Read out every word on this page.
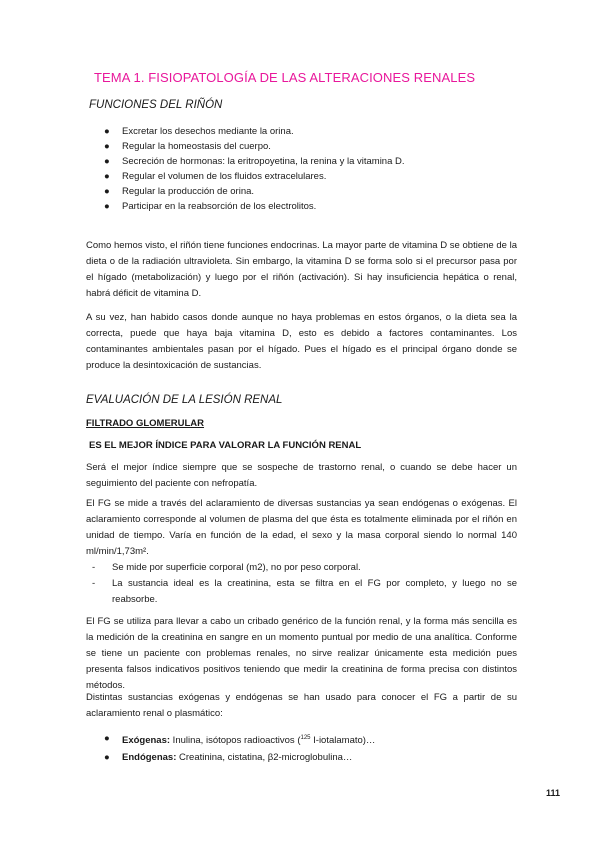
TEMA 1. FISIOPATOLOGÍA DE LAS ALTERACIONES RENALES
FUNCIONES DEL RIÑÓN
● Excretar los desechos mediante la orina.
● Regular la homeostasis del cuerpo.
● Secreción de hormonas: la eritropoyetina, la renina y la vitamina D.
● Regular el volumen de los fluidos extracelulares.
● Regular la producción de orina.
● Participar en la reabsorción de los electrolitos.

Como hemos visto, el riñón tiene funciones endocrinas. La mayor parte de vitamina D se obtiene de la dieta o de la radiación ultravioleta. Sin embargo, la vitamina D se forma solo si el precursor pasa por el hígado (metabolización) y luego por el riñón (activación). Si hay insuficiencia hepática o renal, habrá déficit de vitamina D.

A su vez, han habido casos donde aunque no haya problemas en estos órganos, o la dieta sea la correcta, puede que haya baja vitamina D, esto es debido a factores contaminantes. Los contaminantes ambientales pasan por el hígado. Pues el hígado es el principal órgano donde se produce la desintoxicación de sustancias.

EVALUACIÓN DE LA LESIÓN RENAL
FILTRADO GLOMERULAR
ES EL MEJOR ÍNDICE PARA VALORAR LA FUNCIÓN RENAL

Será el mejor índice siempre que se sospeche de trastorno renal, o cuando se debe hacer un seguimiento del paciente con nefropatía.

El FG se mide a través del aclaramiento de diversas sustancias ya sean endógenas o exógenas. El aclaramiento corresponde al volumen de plasma del que ésta es totalmente eliminada por el riñón en unidad de tiempo. Varía en función de la edad, el sexo y la masa corporal siendo lo normal 140 ml/min/1,73m².

- Se mide por superficie corporal (m2), no por peso corporal.
- La sustancia ideal es la creatinina, esta se filtra en el FG por completo, y luego no se reabsorbe.

El FG se utiliza para llevar a cabo un cribado genérico de la función renal, y la forma más sencilla es la medición de la creatinina en sangre en un momento puntual por medio de una analítica. Conforme se tiene un paciente con problemas renales, no sirve realizar únicamente esta medición pues presenta falsos indicativos positivos teniendo que medir la creatinina de forma precisa con distintos métodos.

Distintas sustancias exógenas y endógenas se han usado para conocer el FG a partir de su aclaramiento renal o plasmático:

● Exógenas: Inulina, isótopos radioactivos ($^{125}$ I-iotalamato)…
● Endógenas: Creatinina, cistatina, β2-microglobulina…
111
